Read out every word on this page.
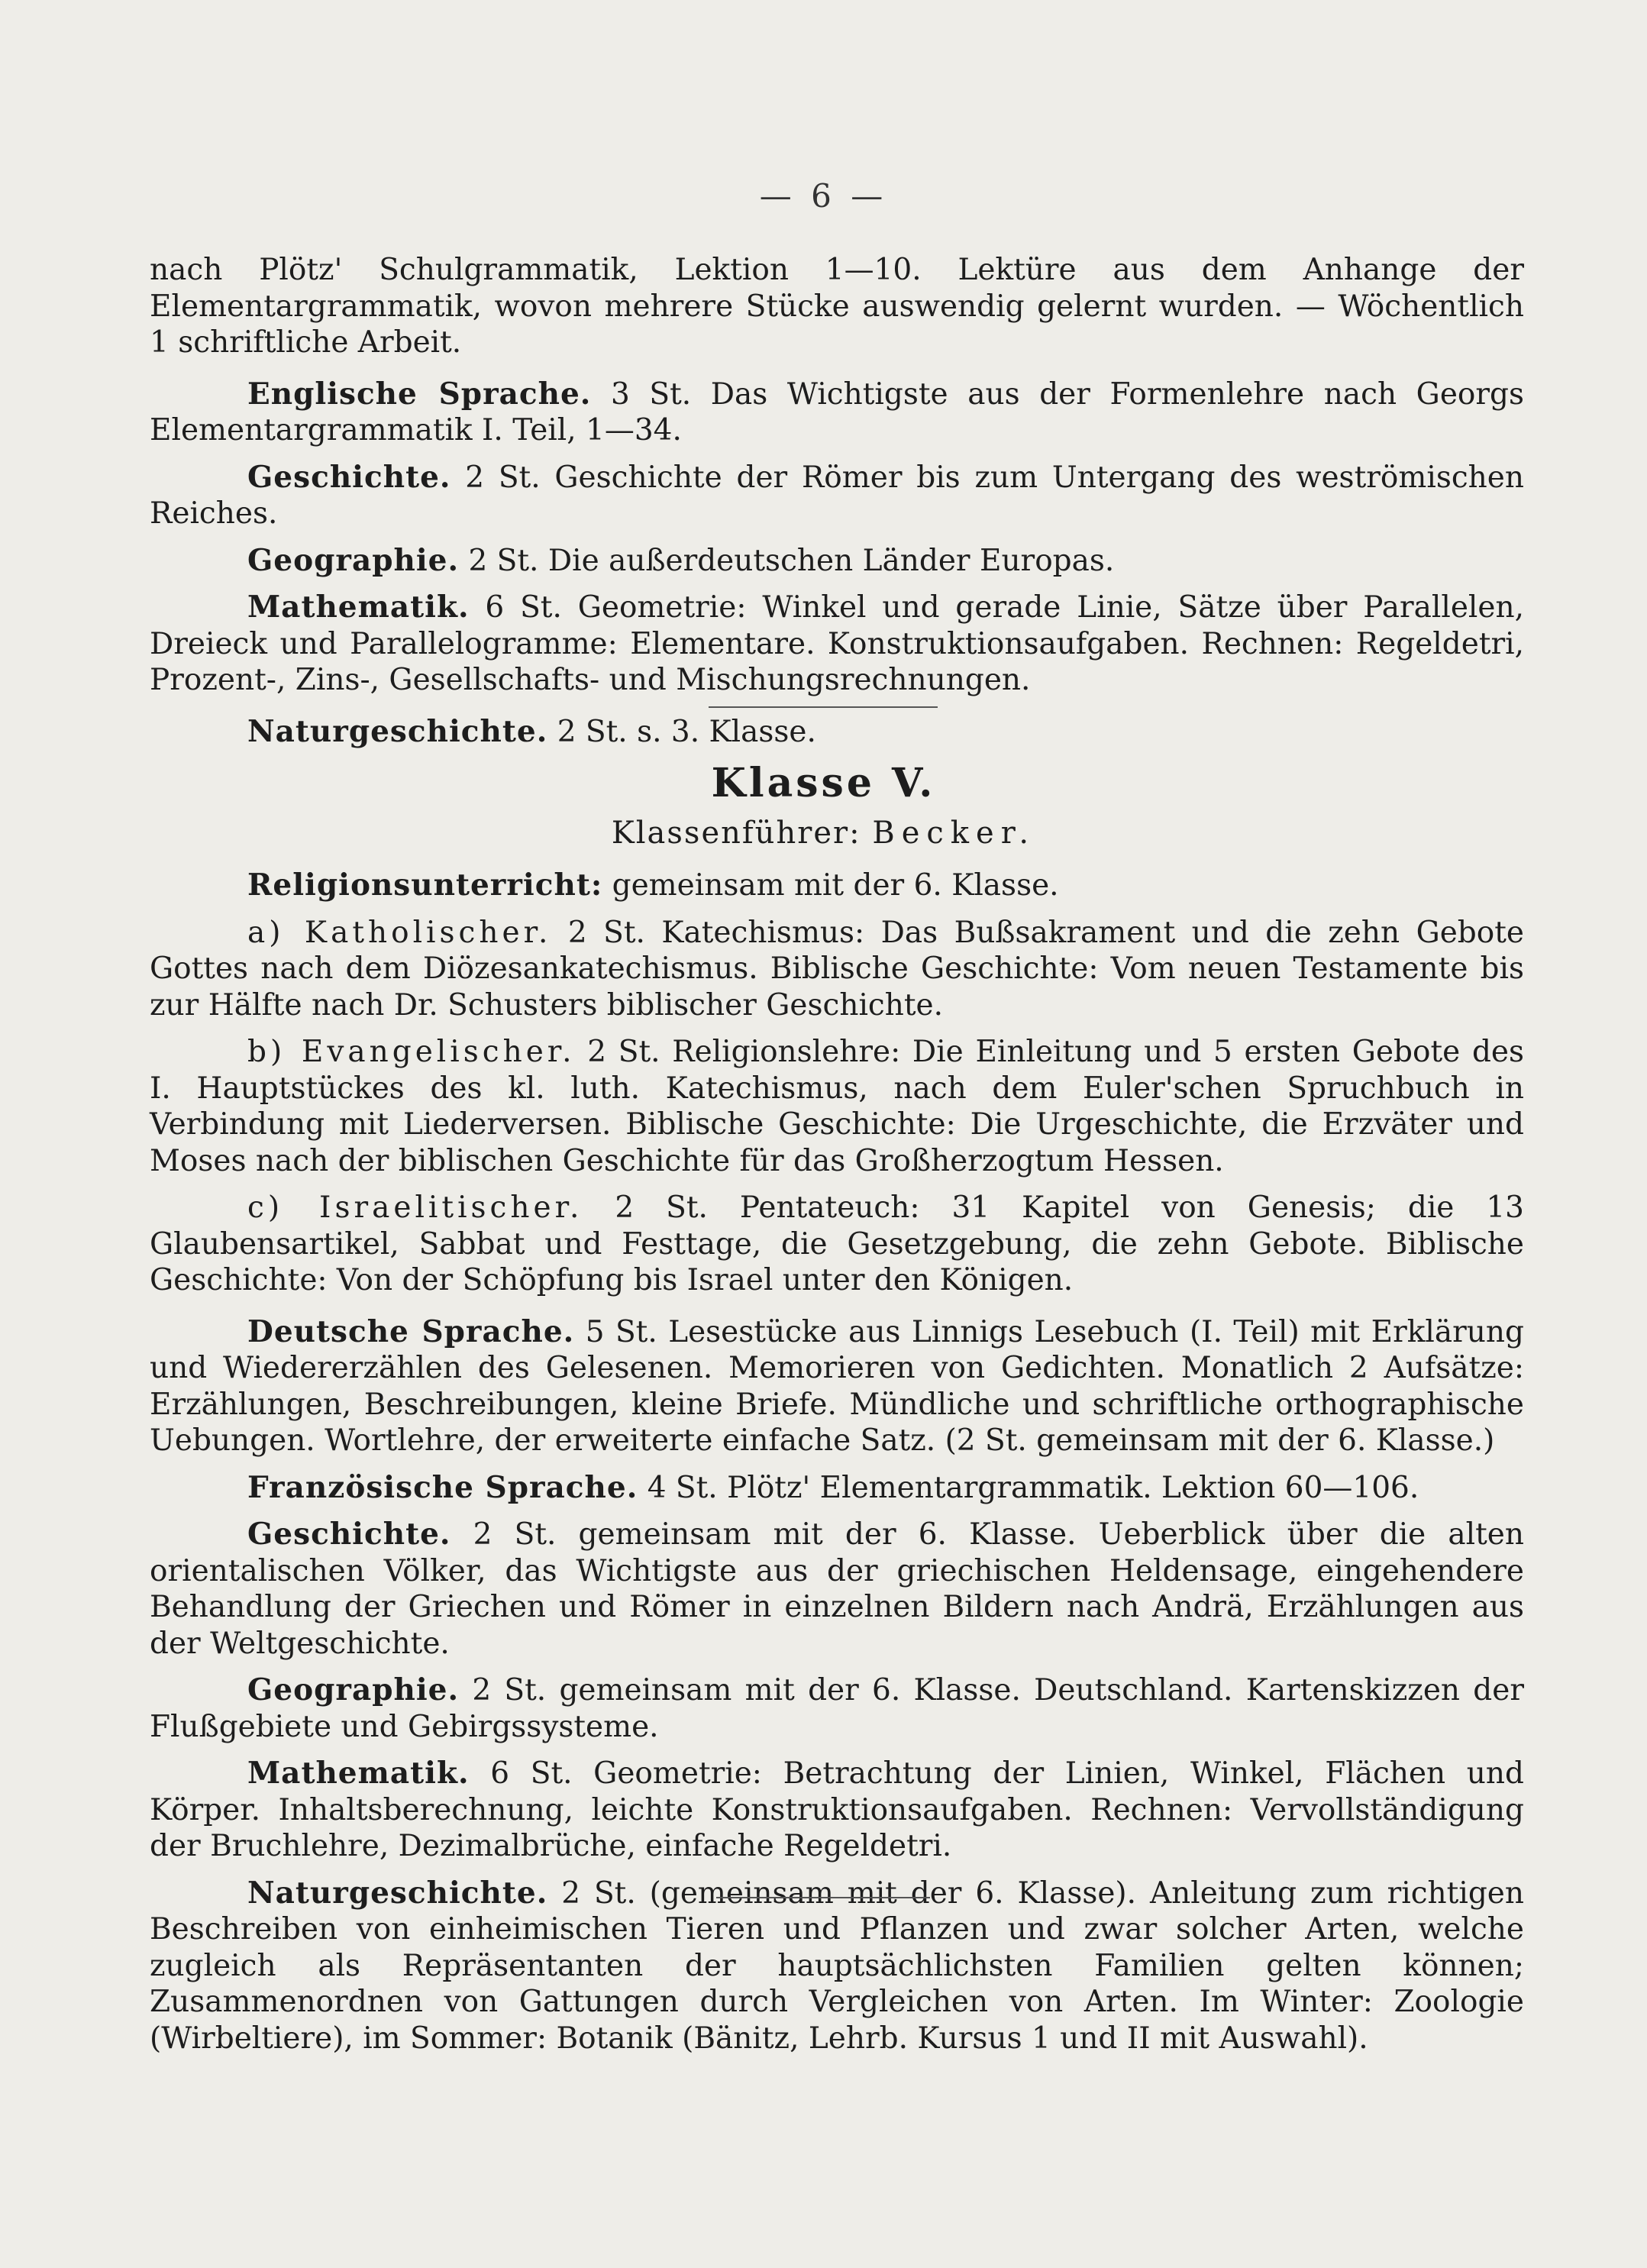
— 6 —

nach Plötz' Schulgrammatik, Lektion 1—10. Lektüre aus dem Anhange der Elementargrammatik, wovon mehrere Stücke auswendig gelernt wurden. — Wöchentlich 1 schriftliche Arbeit.

Englische Sprache. 3 St. Das Wichtigste aus der Formenlehre nach Georgs Elementargrammatik I. Teil, 1—34.

Geschichte. 2 St. Geschichte der Römer bis zum Untergang des weströmischen Reiches.

Geographie. 2 St. Die außerdeutschen Länder Europas.

Mathematik. 6 St. Geometrie: Winkel und gerade Linie, Sätze über Parallelen, Dreieck und Parallelogramme: Elementare. Konstruktionsaufgaben. Rechnen: Regeldetri, Prozent-, Zins-, Gesellschafts- und Mischungsrechnungen.

Naturgeschichte. 2 St. s. 3. Klasse.

Klasse V.
Klassenführer: Becker.

Religionsunterricht: gemeinsam mit der 6. Klasse.

a) Katholischer. 2 St. Katechismus: Das Bußsakrament und die zehn Gebote Gottes nach dem Diözesankatechismus. Biblische Geschichte: Vom neuen Testamente bis zur Hälfte nach Dr. Schusters biblischer Geschichte.

b) Evangelischer. 2 St. Religionslehre: Die Einleitung und 5 ersten Gebote des I. Hauptstückes des kl. luth. Katechismus, nach dem Euler'schen Spruchbuch in Verbindung mit Liederversen. Biblische Geschichte: Die Urgeschichte, die Erzväter und Moses nach der biblischen Geschichte für das Großherzogtum Hessen.

c) Israelitischer. 2 St. Pentateuch: 31 Kapitel von Genesis; die 13 Glaubensartikel, Sabbat und Festtage, die Gesetzgebung, die zehn Gebote. Biblische Geschichte: Von der Schöpfung bis Israel unter den Königen.

Deutsche Sprache. 5 St. Lesestücke aus Linnigs Lesebuch (I. Teil) mit Erklärung und Wiedererzählen des Gelesenen. Memorieren von Gedichten. Monatlich 2 Aufsätze: Erzählungen, Beschreibungen, kleine Briefe. Mündliche und schriftliche orthographische Uebungen. Wortlehre, der erweiterte einfache Satz. (2 St. gemeinsam mit der 6. Klasse.)

Französische Sprache. 4 St. Plötz' Elementargrammatik. Lektion 60—106.

Geschichte. 2 St. gemeinsam mit der 6. Klasse. Ueberblick über die alten orientalischen Völker, das Wichtigste aus der griechischen Heldensage, eingehendere Behandlung der Griechen und Römer in einzelnen Bildern nach Andrä, Erzählungen aus der Weltgeschichte.

Geographie. 2 St. gemeinsam mit der 6. Klasse. Deutschland. Kartenskizzen der Flußgebiete und Gebirgssysteme.

Mathematik. 6 St. Geometrie: Betrachtung der Linien, Winkel, Flächen und Körper. Inhaltsberechnung, leichte Konstruktionsaufgaben. Rechnen: Vervollständigung der Bruchlehre, Dezimalbrüche, einfache Regeldetri.

Naturgeschichte. 2 St. (gemeinsam mit der 6. Klasse). Anleitung zum richtigen Beschreiben von einheimischen Tieren und Pflanzen und zwar solcher Arten, welche zugleich als Repräsentanten der hauptsächlichsten Familien gelten können; Zusammenordnen von Gattungen durch Vergleichen von Arten. Im Winter: Zoologie (Wirbeltiere), im Sommer: Botanik (Bänitz, Lehrb. Kursus 1 und II mit Auswahl).
